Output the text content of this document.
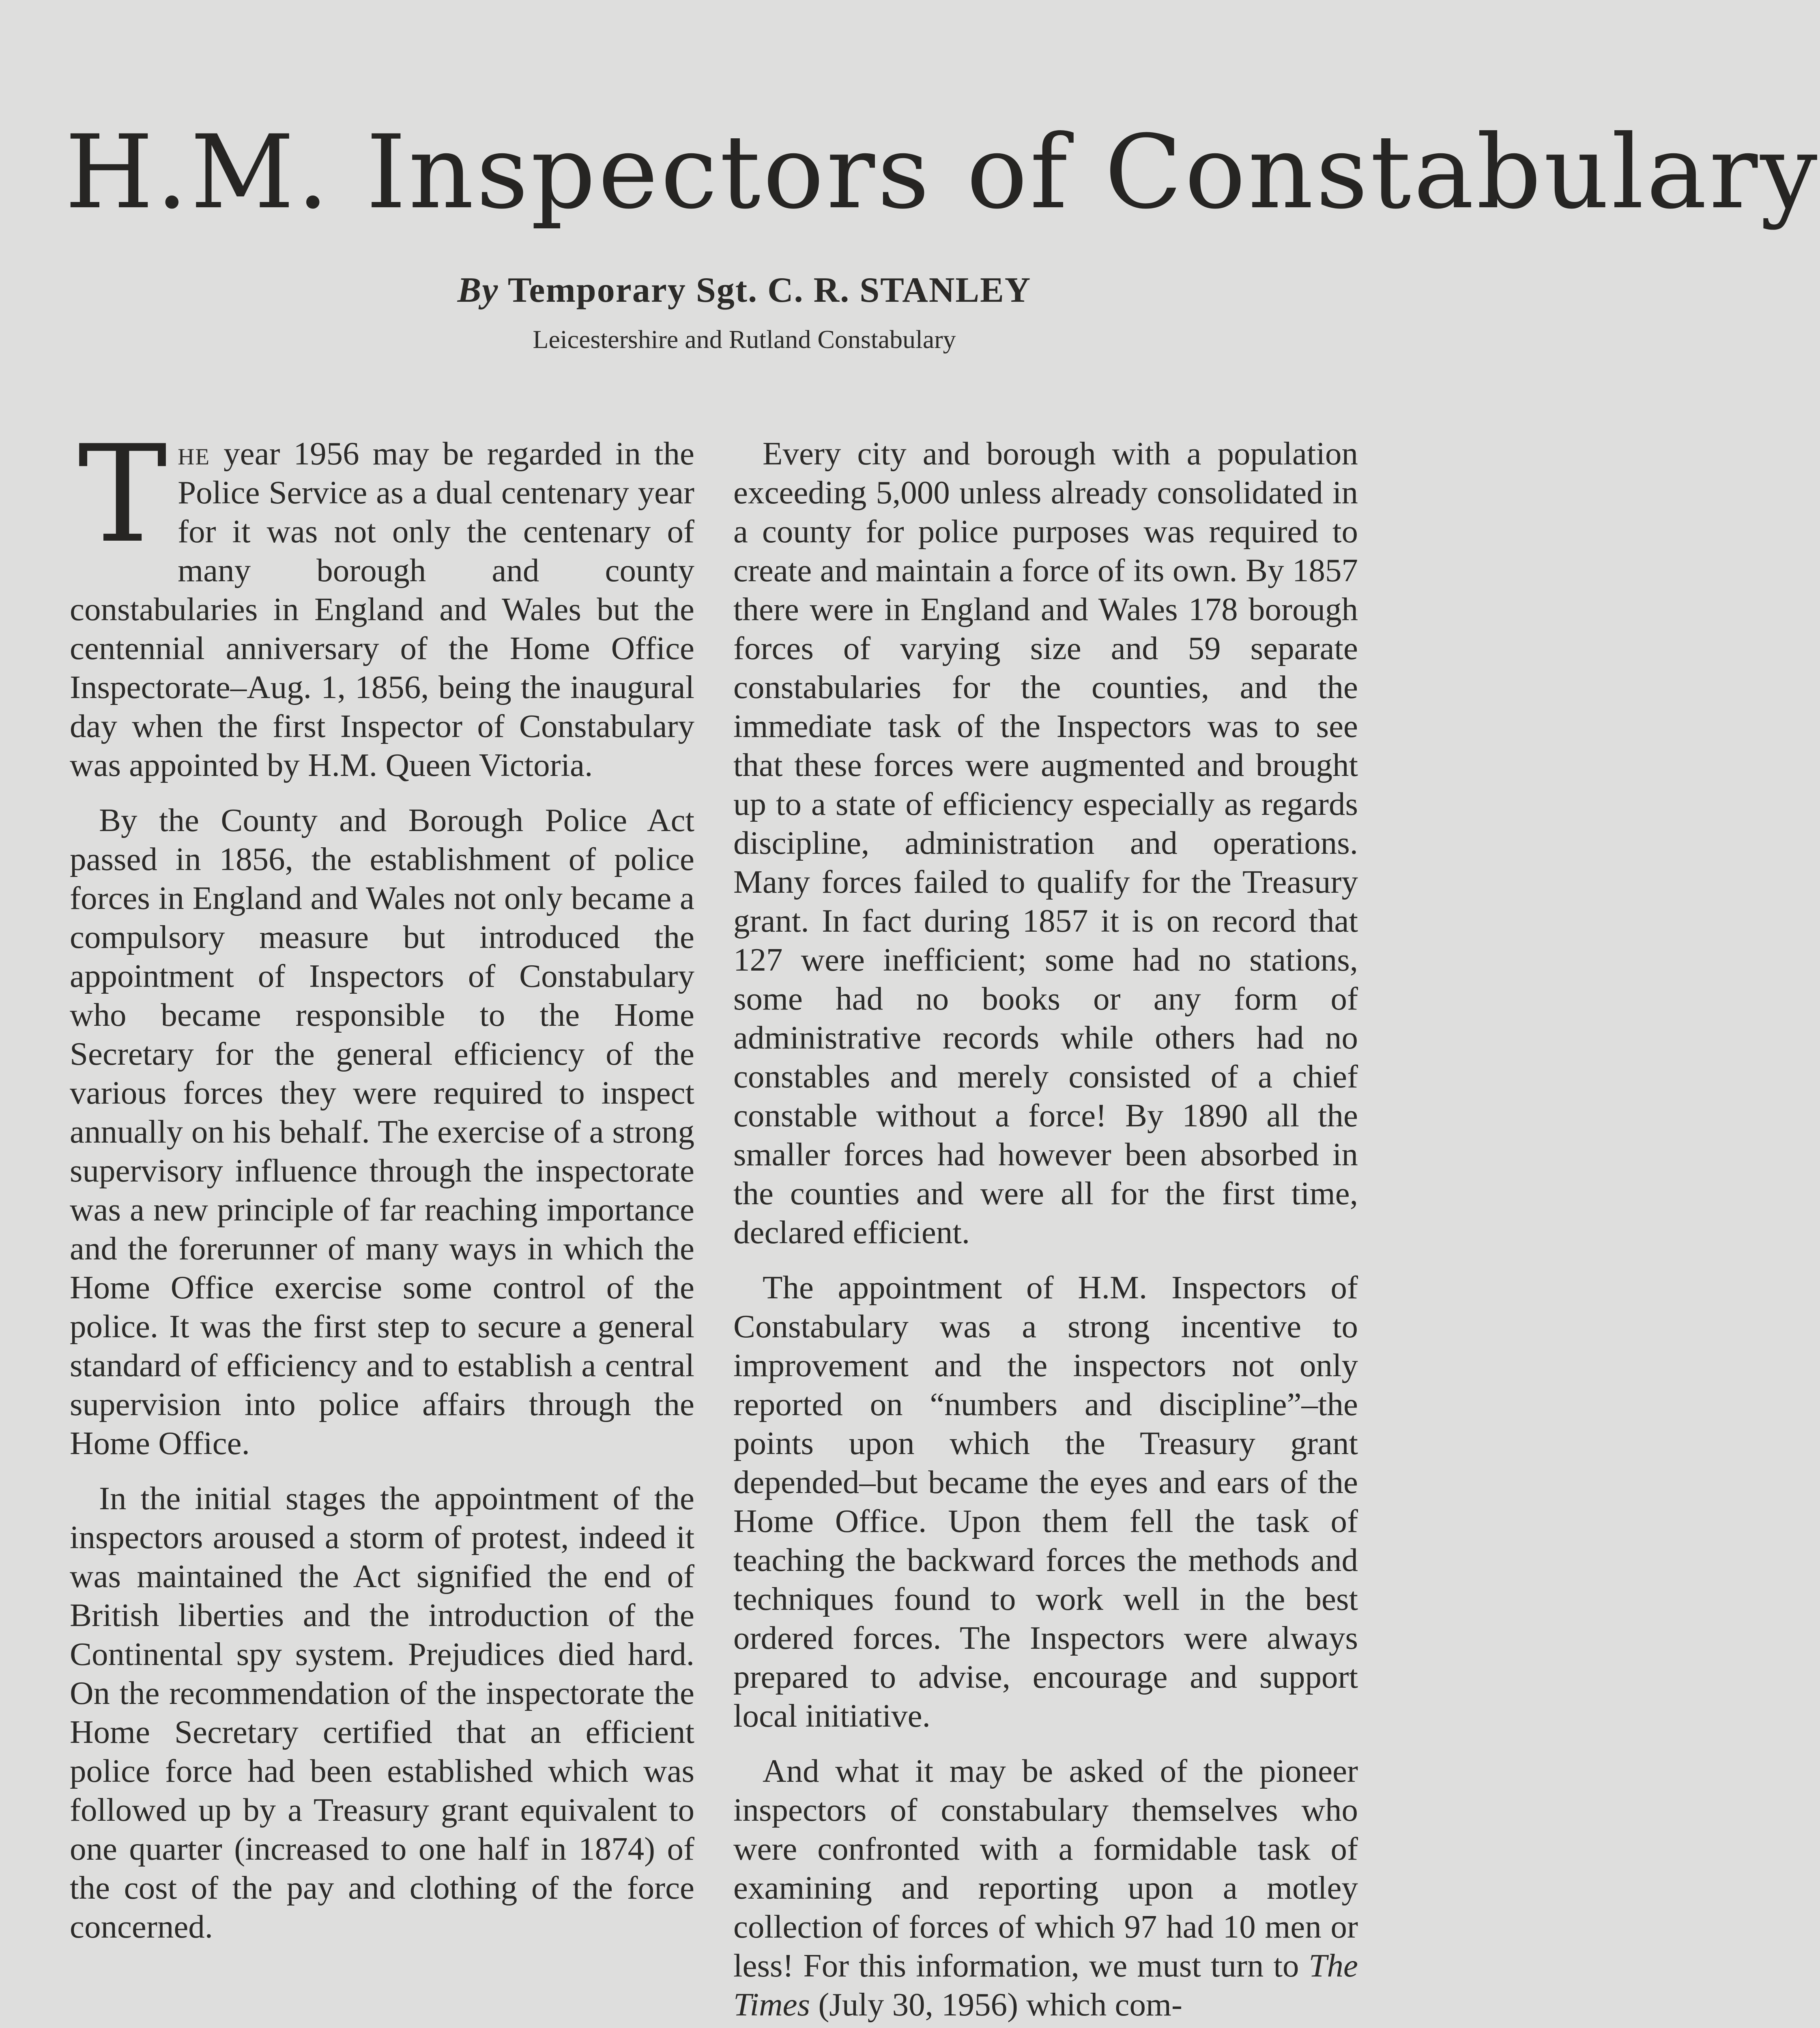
H.M. Inspectors of Constabulary
By Temporary Sgt. C. R. STANLEY
Leicestershire and Rutland Constabulary

The year 1956 may be regarded in the Police Service as a dual centenary year for it was not only the centenary of many borough and county constabularies in England and Wales but the centennial anniversary of the Home Office Inspectorate–Aug. 1, 1856, being the inaugural day when the first Inspector of Constabulary was appointed by H.M. Queen Victoria.

By the County and Borough Police Act passed in 1856, the establishment of police forces in England and Wales not only became a compulsory measure but introduced the appointment of Inspectors of Constabulary who became responsible to the Home Secretary for the general efficiency of the various forces they were required to inspect annually on his behalf. The exercise of a strong supervisory influence through the inspectorate was a new principle of far reaching importance and the forerunner of many ways in which the Home Office exercise some control of the police. It was the first step to secure a general standard of efficiency and to establish a central supervision into police affairs through the Home Office.

In the initial stages the appointment of the inspectors aroused a storm of protest, indeed it was maintained the Act signified the end of British liberties and the introduction of the Continental spy system. Prejudices died hard. On the recommendation of the inspectorate the Home Secretary certified that an efficient police force had been established which was followed up by a Treasury grant equivalent to one quarter (increased to one half in 1874) of the cost of the pay and clothing of the force concerned.

Every city and borough with a population exceeding 5,000 unless already consolidated in a county for police purposes was required to create and maintain a force of its own. By 1857 there were in England and Wales 178 borough forces of varying size and 59 separate constabularies for the counties, and the immediate task of the Inspectors was to see that these forces were augmented and brought up to a state of efficiency especially as regards discipline, administration and operations. Many forces failed to qualify for the Treasury grant. In fact during 1857 it is on record that 127 were inefficient; some had no stations, some had no books or any form of administrative records while others had no constables and merely consisted of a chief constable without a force! By 1890 all the smaller forces had however been absorbed in the counties and were all for the first time, declared efficient.

The appointment of H.M. Inspectors of Constabulary was a strong incentive to improvement and the inspectors not only reported on “numbers and discipline”–the points upon which the Treasury grant depended–but became the eyes and ears of the Home Office. Upon them fell the task of teaching the backward forces the methods and techniques found to work well in the best ordered forces. The Inspectors were always prepared to advise, encourage and support local initiative.

And what it may be asked of the pioneer inspectors of constabulary themselves who were confronted with a formidable task of examining and reporting upon a motley collection of forces of which 97 had 10 men or less! For this information, we must turn to The Times (July 30, 1956) which com-
